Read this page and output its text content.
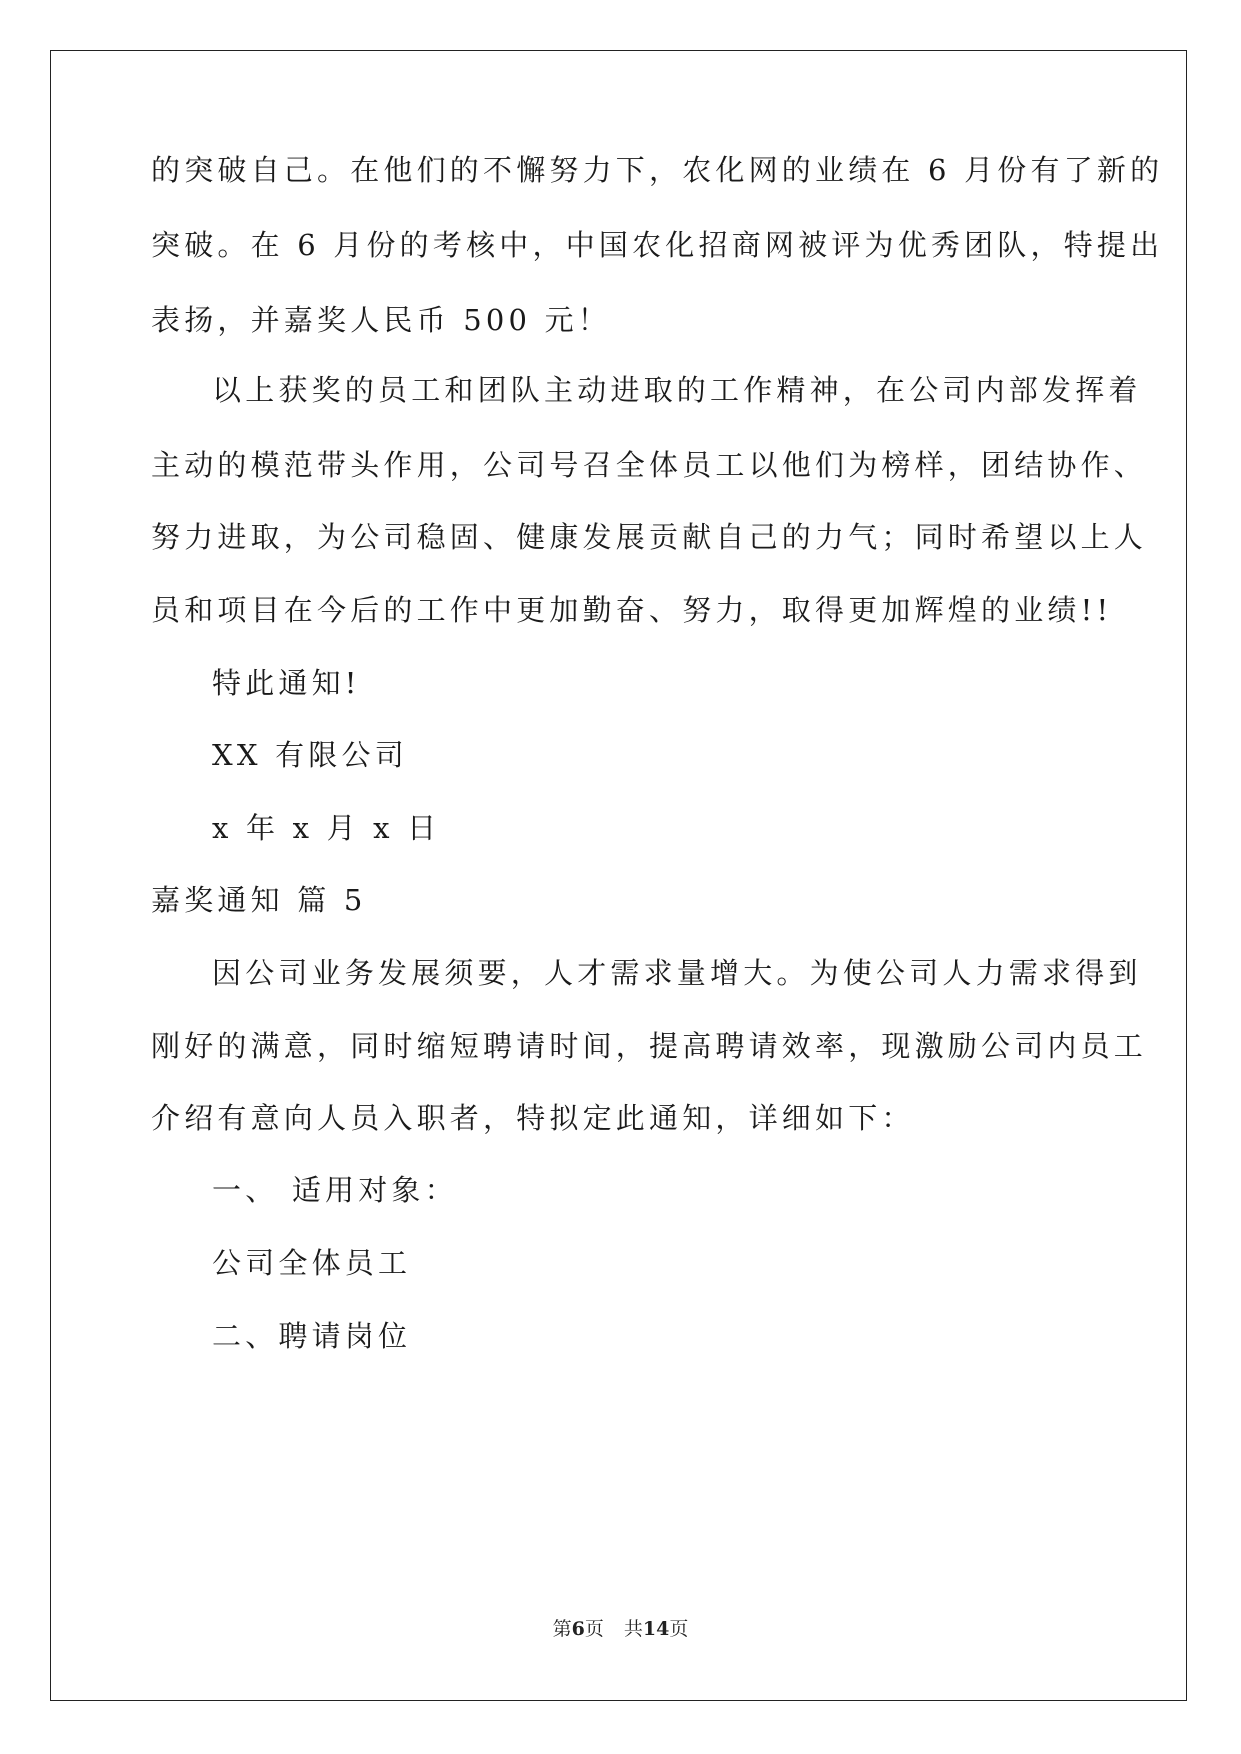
的突破自己。在他们的不懈努力下，农化网的业绩在 6 月份有了新的
突破。在 6 月份的考核中，中国农化招商网被评为优秀团队，特提出
表扬，并嘉奖人民币 500 元！
以上获奖的员工和团队主动进取的工作精神，在公司内部发挥着
主动的模范带头作用，公司号召全体员工以他们为榜样，团结协作、
努力进取，为公司稳固、健康发展贡献自己的力气；同时希望以上人
员和项目在今后的工作中更加勤奋、努力，取得更加辉煌的业绩!!
特此通知!
XX 有限公司
x 年 x 月 x 日
嘉奖通知 篇 5
因公司业务发展须要，人才需求量增大。为使公司人力需求得到
刚好的满意，同时缩短聘请时间，提高聘请效率，现激励公司内员工
介绍有意向人员入职者，特拟定此通知，详细如下：
一、 适用对象：
公司全体员工
二、聘请岗位
第6页 共14页
